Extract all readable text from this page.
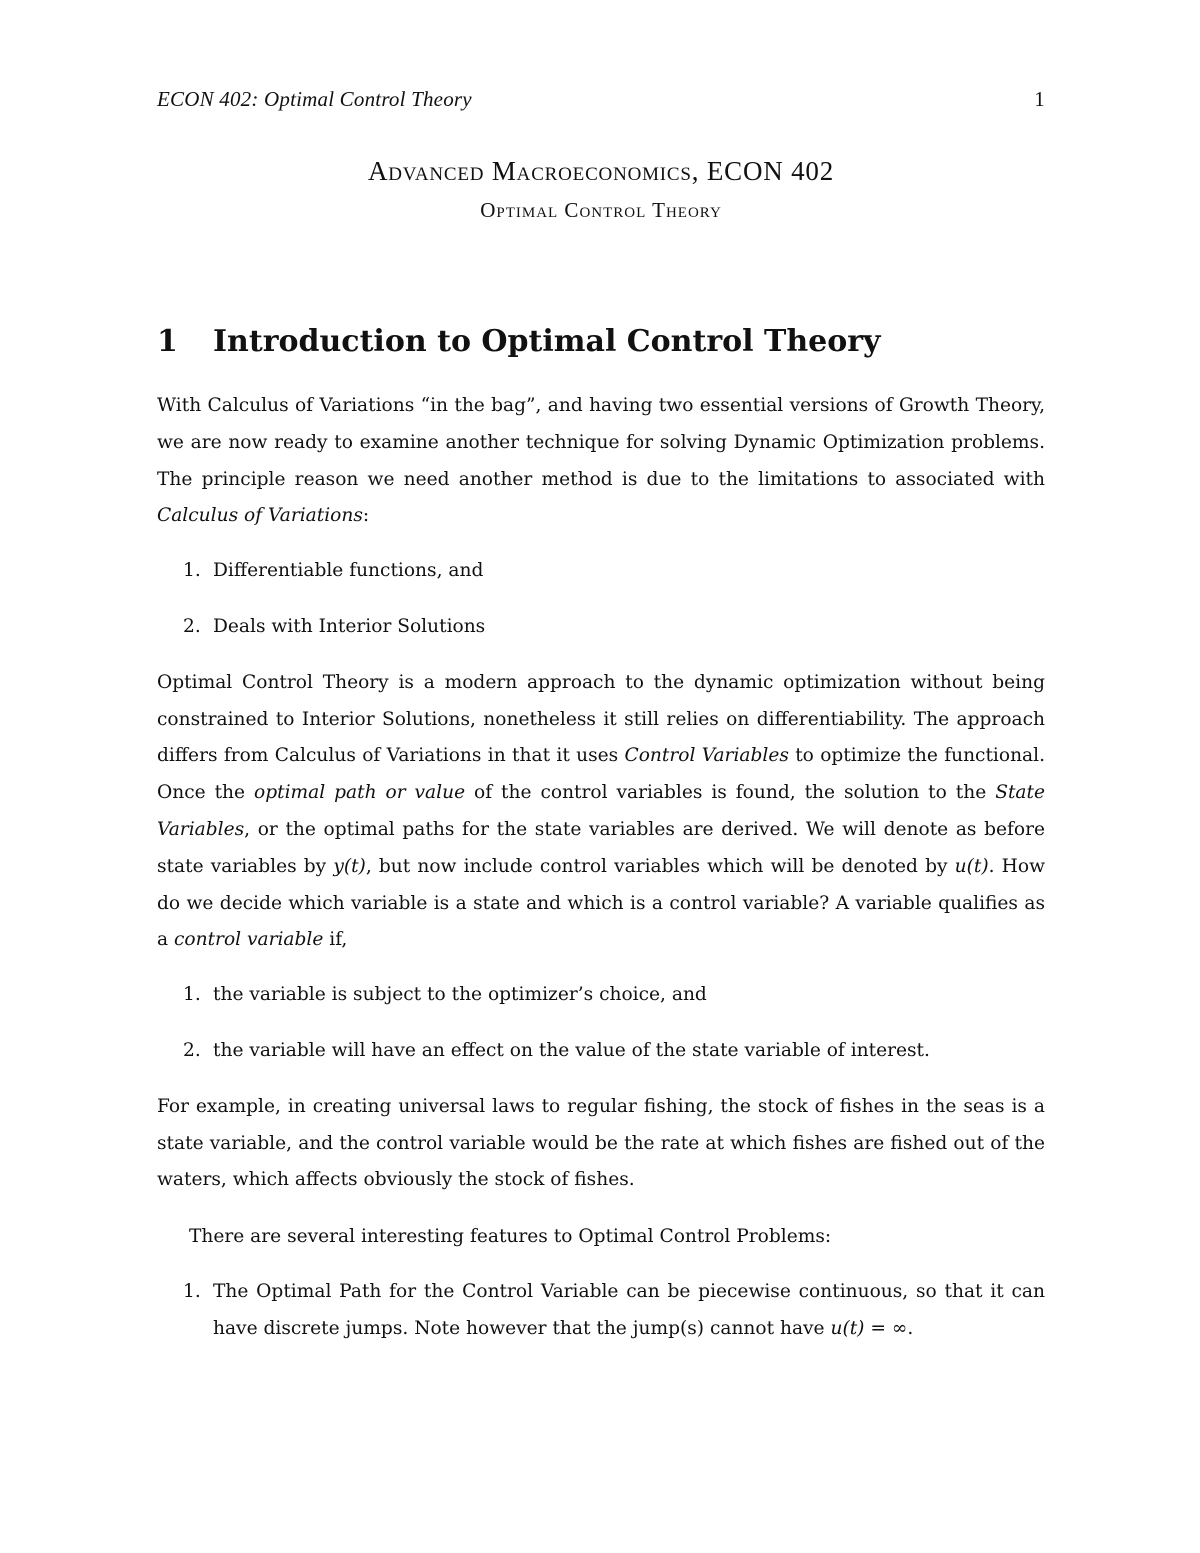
ECON 402: Optimal Control Theory	1
Advanced Macroeconomics, ECON 402
Optimal Control Theory
1 Introduction to Optimal Control Theory

With Calculus of Variations “in the bag”, and having two essential versions of Growth Theory, we are now ready to examine another technique for solving Dynamic Optimization problems. The principle reason we need another method is due to the limitations to associated with Calculus of Variations:

1. Differentiable functions, and
2. Deals with Interior Solutions

Optimal Control Theory is a modern approach to the dynamic optimization without being constrained to Interior Solutions, nonetheless it still relies on differentiability. The approach differs from Calculus of Variations in that it uses Control Variables to optimize the functional. Once the optimal path or value of the control variables is found, the solution to the State Variables, or the optimal paths for the state variables are derived. We will denote as before state variables by y(t), but now include control variables which will be denoted by u(t). How do we decide which variable is a state and which is a control variable? A variable qualifies as a control variable if,

1. the variable is subject to the optimizer’s choice, and
2. the variable will have an effect on the value of the state variable of interest.

For example, in creating universal laws to regular fishing, the stock of fishes in the seas is a state variable, and the control variable would be the rate at which fishes are fished out of the waters, which affects obviously the stock of fishes.

There are several interesting features to Optimal Control Problems:

1. The Optimal Path for the Control Variable can be piecewise continuous, so that it can have discrete jumps. Note however that the jump(s) cannot have u(t) = ∞.
